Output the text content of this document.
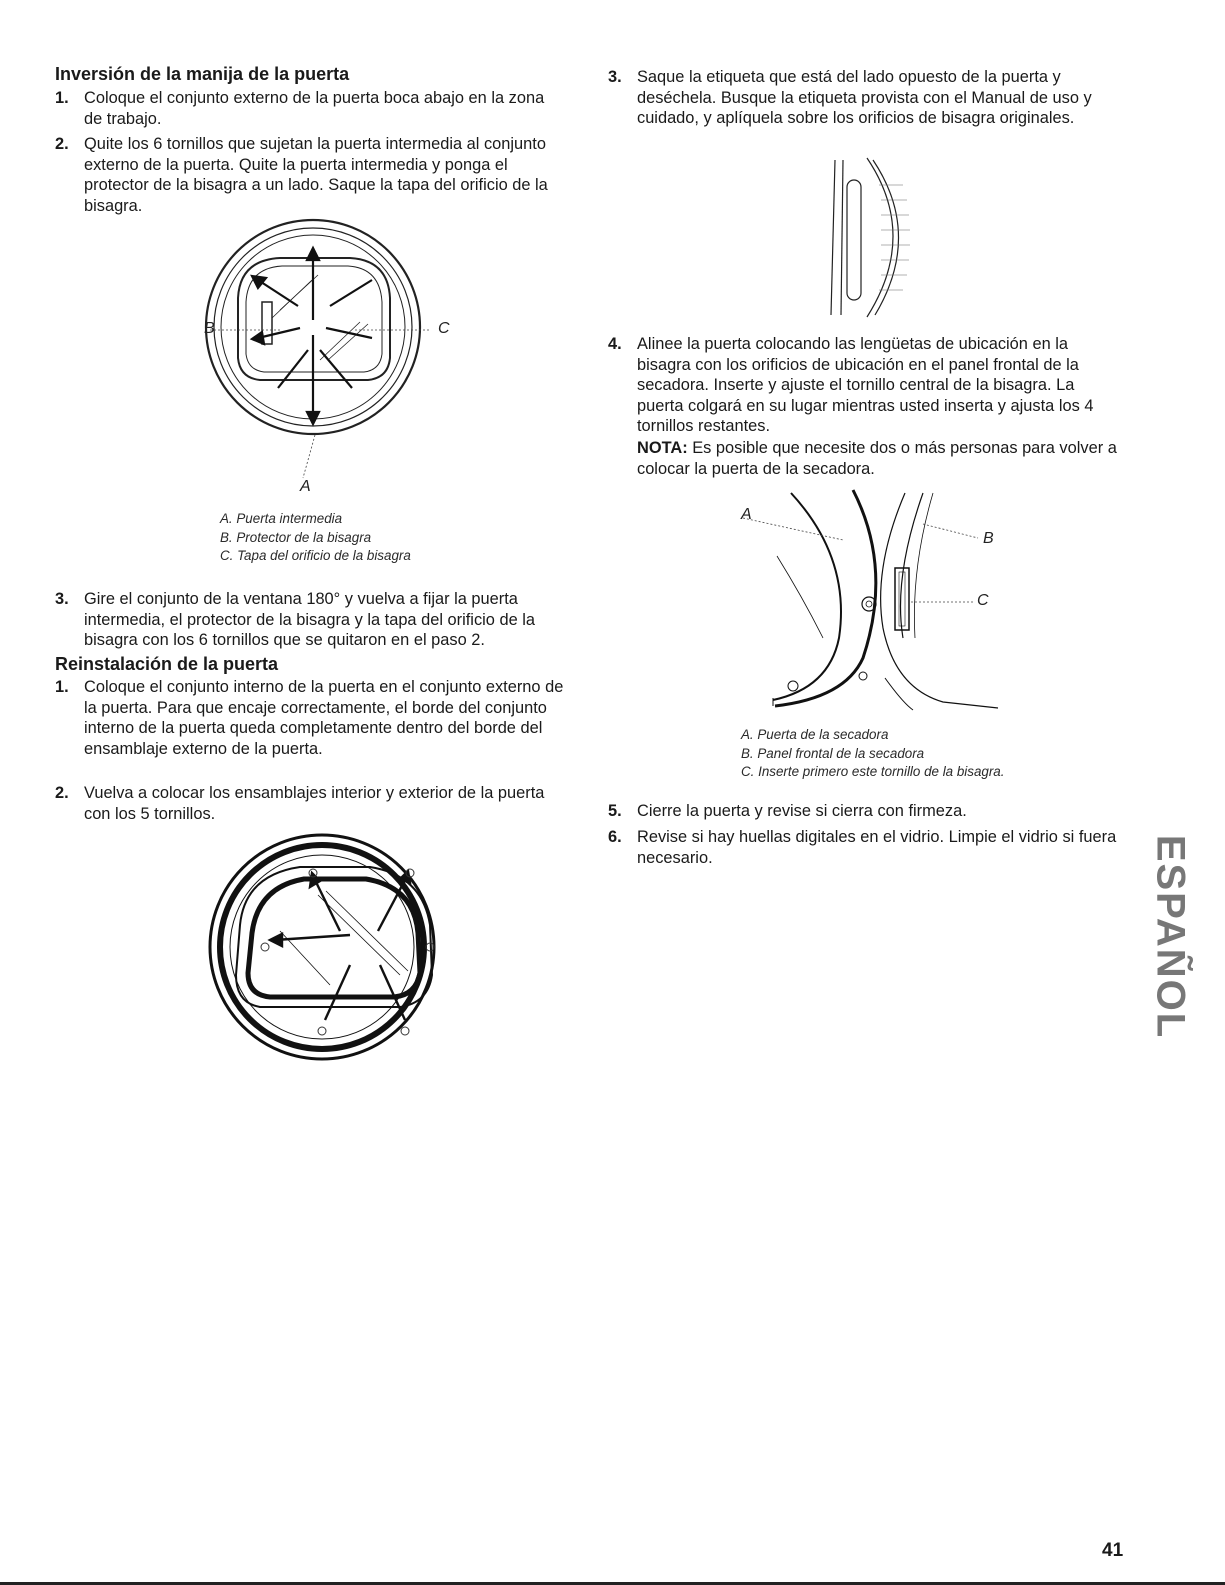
Inversión de la manija de la puerta
1. Coloque el conjunto externo de la puerta boca abajo en la zona de trabajo.
2. Quite los 6 tornillos que sujetan la puerta intermedia al conjunto externo de la puerta. Quite la puerta intermedia y ponga el protector de la bisagra a un lado. Saque la tapa del orificio de la bisagra.
B	C
A
A. Puerta intermedia
B. Protector de la bisagra
C. Tapa del orificio de la bisagra
3. Gire el conjunto de la ventana 180° y vuelva a fijar la puerta intermedia, el protector de la bisagra y la tapa del orificio de la bisagra con los 6 tornillos que se quitaron en el paso 2.
Reinstalación de la puerta
1. Coloque el conjunto interno de la puerta en el conjunto externo de la puerta. Para que encaje correctamente, el borde del conjunto interno de la puerta queda completamente dentro del borde del ensamblaje externo de la puerta.
2. Vuelva a colocar los ensamblajes interior y exterior de la puerta con los 5 tornillos.
3. Saque la etiqueta que está del lado opuesto de la puerta y deséchela. Busque la etiqueta provista con el Manual de uso y cuidado, y aplíquela sobre los orificios de bisagra originales.
4. Alinee la puerta colocando las lengüetas de ubicación en la bisagra con los orificios de ubicación en el panel frontal de la secadora. Inserte y ajuste el tornillo central de la bisagra. La puerta colgará en su lugar mientras usted inserta y ajusta los 4 tornillos restantes.
NOTA: Es posible que necesite dos o más personas para volver a colocar la puerta de la secadora.
A
B
C
A. Puerta de la secadora
B. Panel frontal de la secadora
C. Inserte primero este tornillo de la bisagra.
5. Cierre la puerta y revise si cierra con firmeza.
6. Revise si hay huellas digitales en el vidrio. Limpie el vidrio si fuera necesario.	ESPAÑOL
41
